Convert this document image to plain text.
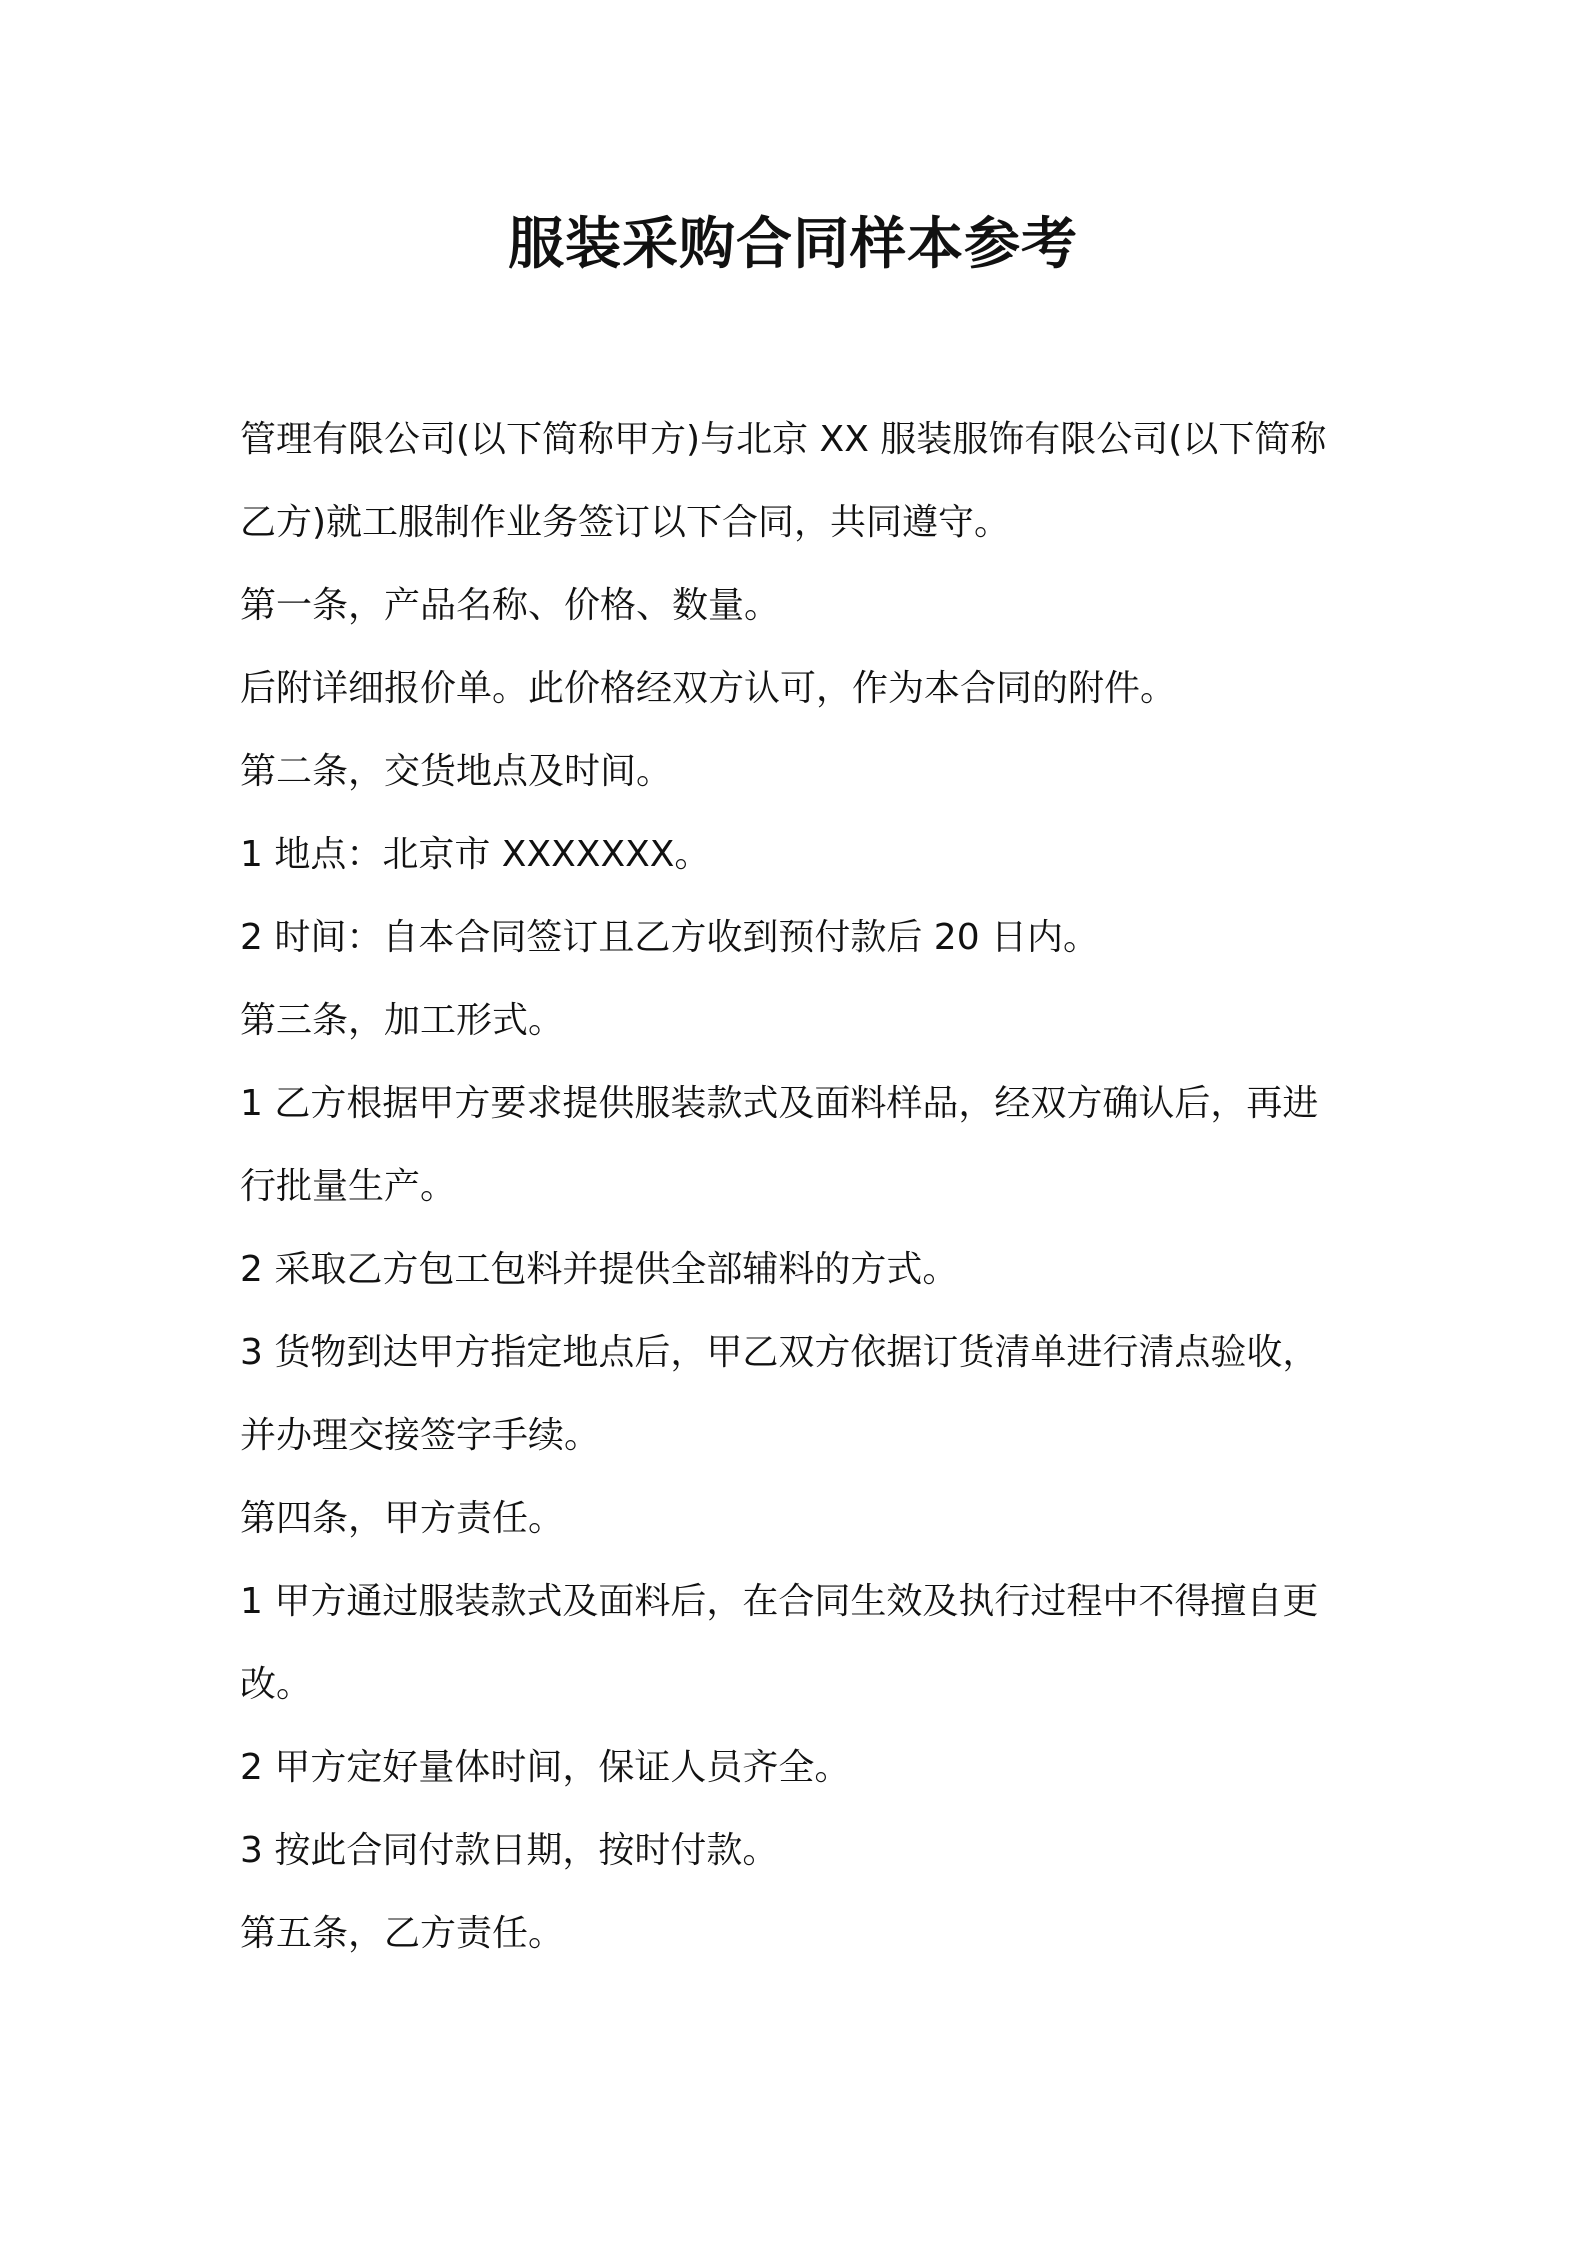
服装采购合同样本参考
管理有限公司(以下简称甲方)与北京 XX 服装服饰有限公司(以下简称
乙方)就工服制作业务签订以下合同，共同遵守。
第一条，产品名称、价格、数量。
后附详细报价单。此价格经双方认可，作为本合同的附件。
第二条，交货地点及时间。
1 地点：北京市 XXXXXXX。
2 时间：自本合同签订且乙方收到预付款后 20 日内。
第三条，加工形式。
1 乙方根据甲方要求提供服装款式及面料样品，经双方确认后，再进
行批量生产。
2 采取乙方包工包料并提供全部辅料的方式。
3 货物到达甲方指定地点后，甲乙双方依据订货清单进行清点验收，
并办理交接签字手续。
第四条，甲方责任。
1 甲方通过服装款式及面料后，在合同生效及执行过程中不得擅自更
改。
2 甲方定好量体时间，保证人员齐全。
3 按此合同付款日期，按时付款。
第五条，乙方责任。
